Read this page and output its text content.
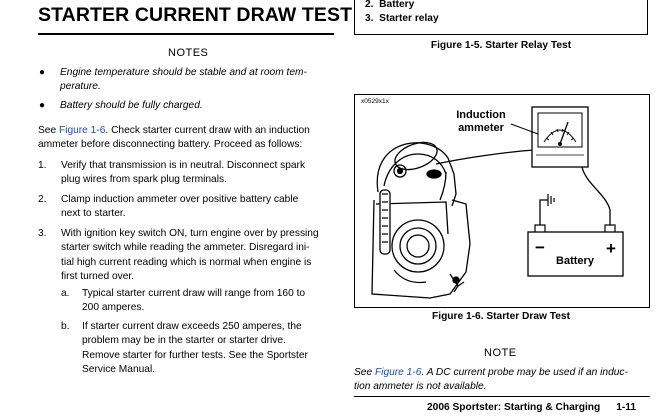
STARTER CURRENT DRAW TEST
NOTES
● Engine temperature should be stable and at room tem-
perature.
● Battery should be fully charged.
See Figure 1-6. Check starter current draw with an induction
ammeter before disconnecting battery. Proceed as follows:
1. Verify that transmission is in neutral. Disconnect spark
plug wires from spark plug terminals.
2. Clamp induction ammeter over positive battery cable
next to starter.
3. With ignition key switch ON, turn engine over by pressing
starter switch while reading the ammeter. Disregard ini-
tial high current reading which is normal when engine is
first turned over.
a. Typical starter current draw will range from 160 to
200 amperes.
b. If starter current draw exceeds 250 amperes, the
problem may be in the starter or starter drive.
Remove starter for further tests. See the Sportster
Service Manual.
2. Battery
3. Starter relay
Figure 1-5. Starter Relay Test
x0529x1x
Induction
ammeter
−	+
Battery
Figure 1-6. Starter Draw Test
NOTE
See Figure 1-6. A DC current probe may be used if an induc-
tion ammeter is not available.
2006 Sportster: Starting & Charging 1-11
